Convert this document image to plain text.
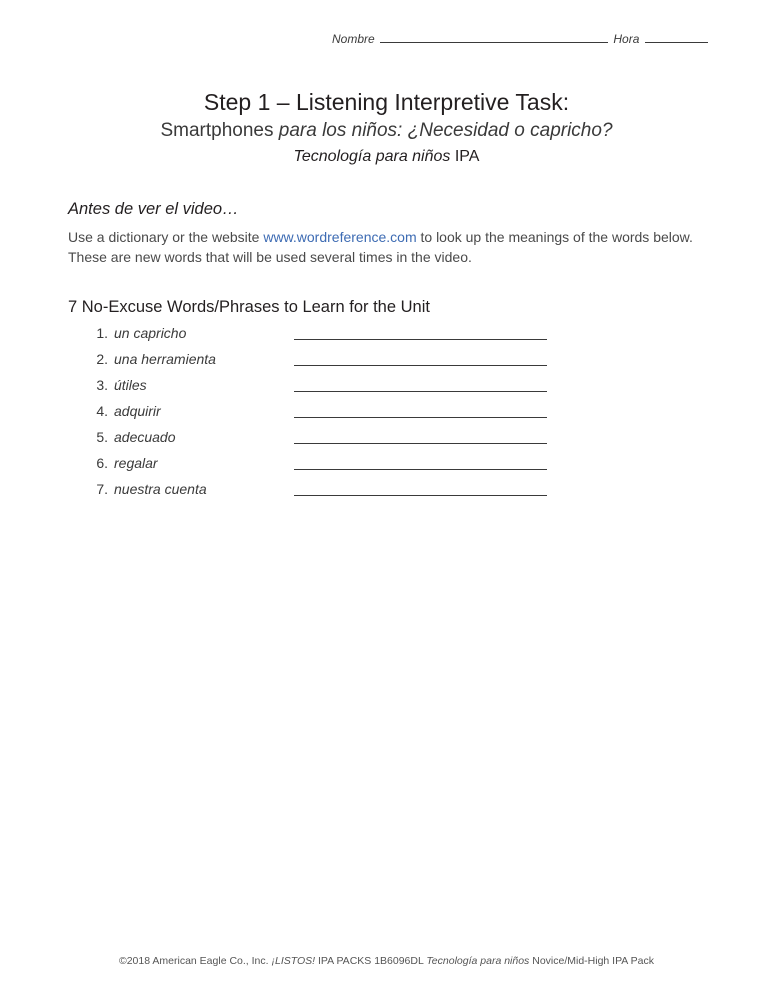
Nombre	Hora
Step 1 – Listening Interpretive Task:
Smartphones para los niños: ¿Necesidad o capricho?
Tecnología para niños IPA
Antes de ver el video…
Use a dictionary or the website www.wordreference.com to look up the meanings of the words below. These are new words that will be used several times in the video.
7 No-Excuse Words/Phrases to Learn for the Unit
1. un capricho
2. una herramienta
3. útiles
4. adquirir
5. adecuado
6. regalar
7. nuestra cuenta
©2018 American Eagle Co., Inc. ¡LISTOS! IPA PACKS 1B6096DL Tecnología para niños Novice/Mid-High IPA Pack
